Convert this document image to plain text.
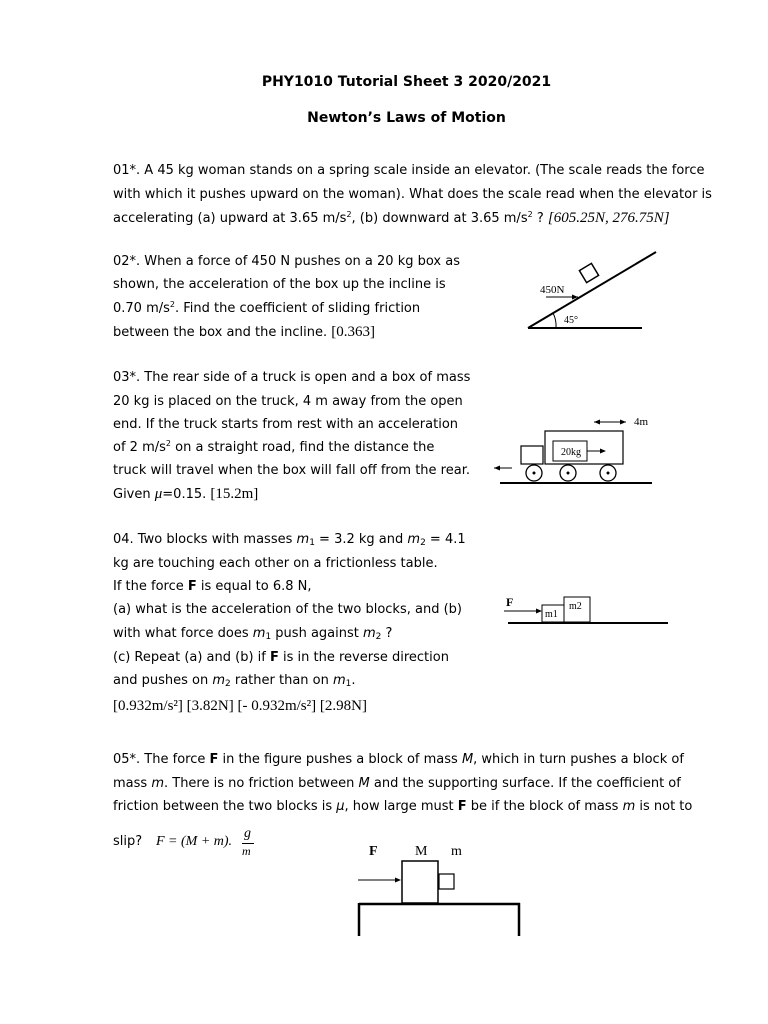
PHY1010 Tutorial Sheet 3 2020/2021
Newton’s Laws of Motion
01*. A 45 kg woman stands on a spring scale inside an elevator. (The scale reads the force
with which it pushes upward on the woman). What does the scale read when the elevator is
accelerating (a) upward at 3.65 $m/s^2$, (b) downward at 3.65 $m/s^2$ ? [605.25N, 276.75N]
02*. When a force of 450 N pushes on a 20 kg box as
shown, the acceleration of the box up the incline is
0.70 $m/s^2$. Find the coefficient of sliding friction
between the box and the incline. [0.363]
450N
45°
03*. The rear side of a truck is open and a box of mass
20 kg is placed on the truck, 4 m away from the open
end. If the truck starts from rest with an acceleration
of 2 $m/s^2$ on a straight road, find the distance the
truck will travel when the box will fall off from the rear.
Given μ=0.15. [15.2m]
20kg
4m
04. Two blocks with masses $m_1 = 3.2$ kg and $m_2 = 4.1$
kg are touching each other on a frictionless table.
If the force F is equal to 6.8 N,
(a) what is the acceleration of the two blocks, and (b)
with what force does $m_1$ push against $m_2$ ?
(c) Repeat (a) and (b) if F is in the reverse direction
and pushes on $m_2$ rather than on $m_1$.
[0.932m/s²] [3.82N] [- 0.932m/s²] [2.98N]
F
m1
m2
05*. The force F in the figure pushes a block of mass M, which in turn pushes a block of
mass m. There is no friction between M and the supporting surface. If the coefficient of
friction between the two blocks is μ, how large must F be if the block of mass m is not to
slip? F = (M + m).
g
m	F	M m
